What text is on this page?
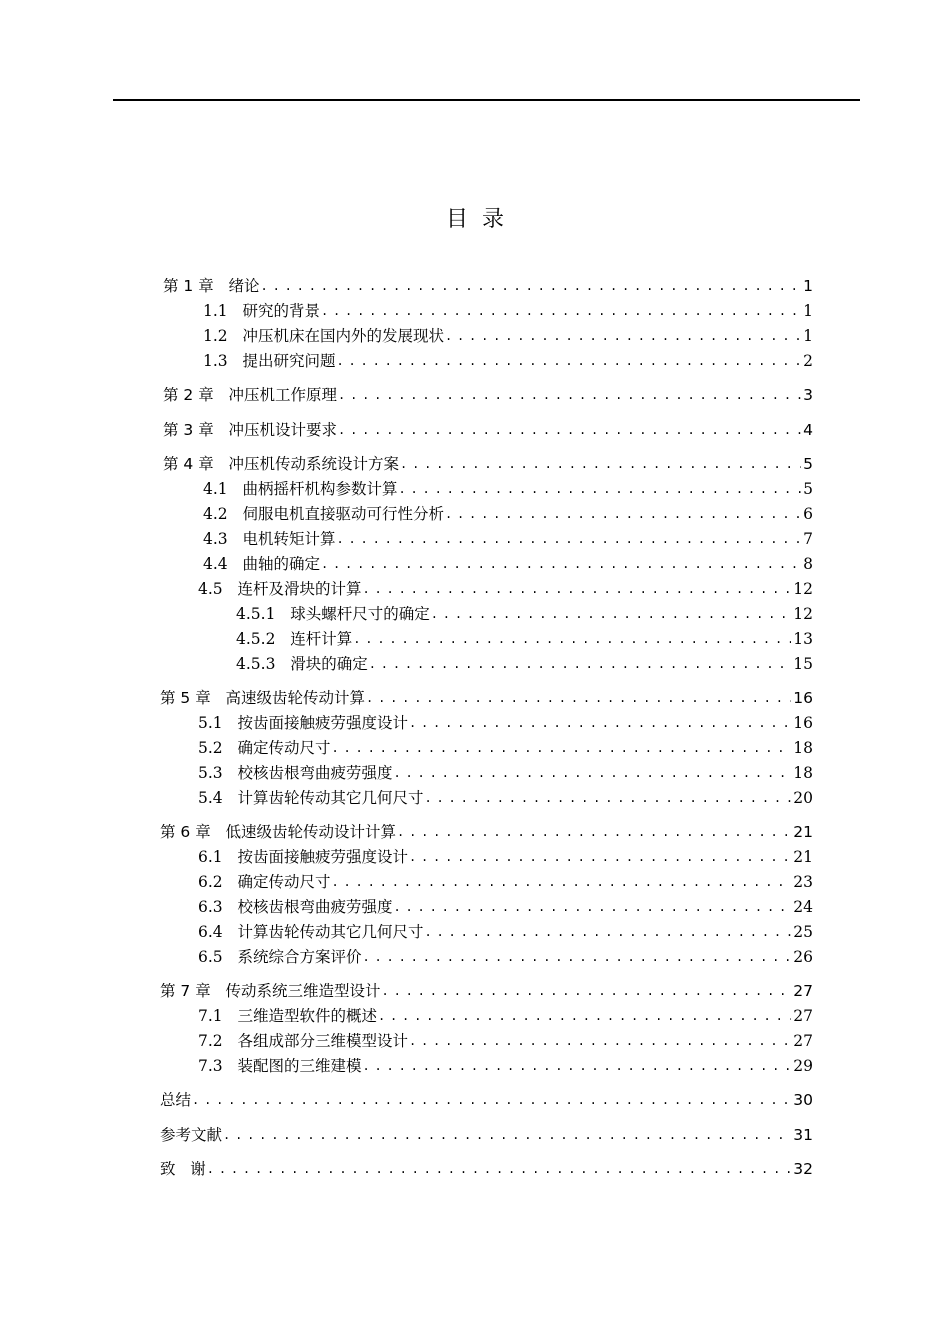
目  录
第 1 章 绪论 . . .	1
1.1 研究的背景 . . .	1
1.2 冲压机床在国内外的发展现状 . . .	1
1.3 提出研究问题 . . .	2
第 2 章 冲压机工作原理 . . .	3
第 3 章 冲压机设计要求 . . .	4
第 4 章 冲压机传动系统设计方案 . . .	5
4.1 曲柄摇杆机构参数计算 . . .	5
4.2 伺服电机直接驱动可行性分析 . . .	6
4.3 电机转矩计算 . . .	7
4.4 曲轴的确定 . . .	8
4.5 连杆及滑块的计算 . . .	12
4.5.1 球头螺杆尺寸的确定 . . .	12
4.5.2 连杆计算 . . .	13
4.5.3 滑块的确定 . . .	15
第 5 章 高速级齿轮传动计算 . . .	16
5.1 按齿面接触疲劳强度设计 . . .	16
5.2 确定传动尺寸 . . .	18
5.3 校核齿根弯曲疲劳强度 . . .	18
5.4 计算齿轮传动其它几何尺寸 . . .	20
第 6 章 低速级齿轮传动设计计算 . . .	21
6.1 按齿面接触疲劳强度设计 . . .	21
6.2 确定传动尺寸 . . .	23
6.3 校核齿根弯曲疲劳强度 . . .	24
6.4 计算齿轮传动其它几何尺寸 . . .	25
6.5 系统综合方案评价 . . .	26
第 7 章 传动系统三维造型设计 . . .	27
7.1 三维造型软件的概述 . . .	27
7.2 各组成部分三维模型设计 . . .	27
7.3 装配图的三维建模 . . .	29
总结 . . .	30
参考文献 . . .	31
致   谢 . . .	32
